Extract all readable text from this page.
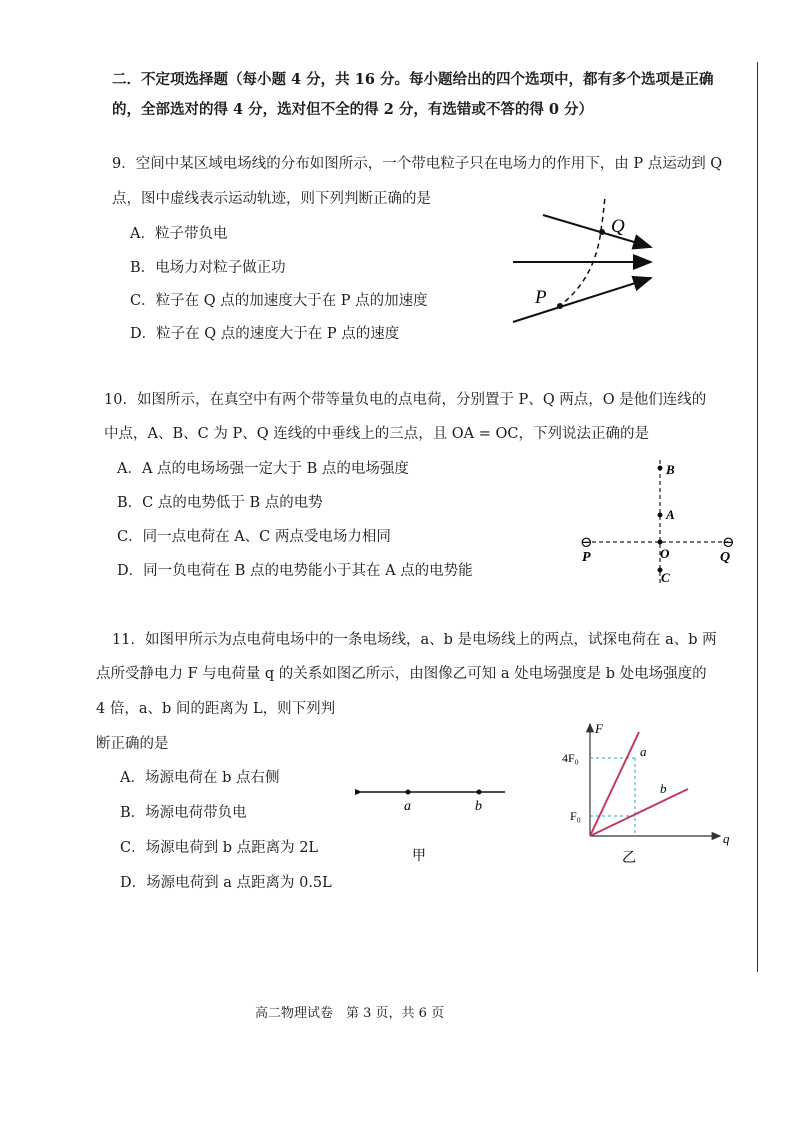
二．不定项选择题（每小题 4 分，共 16 分。每小题给出的四个选项中，都有多个选项是正确
的，全部选对的得 4 分，选对但不全的得 2 分，有选错或不答的得 0 分）
9．空间中某区域电场线的分布如图所示，一个带电粒子只在电场力的作用下，由 P 点运动到 Q
点，图中虚线表示运动轨迹，则下列判断正确的是
A．粒子带负电
B．电场力对粒子做正功
C．粒子在 Q 点的加速度大于在 P 点的加速度
D．粒子在 Q 点的速度大于在 P 点的速度
P
Q
10．如图所示，在真空中有两个带等量负电的点电荷，分别置于 P、Q 两点，O 是他们连线的
中点，A、B、C 为 P、Q 连线的中垂线上的三点，且 OA = OC，下列说法正确的是
A．A 点的电场场强一定大于 B 点的电场强度
B．C 点的电势低于 B 点的电势
C．同一点电荷在 A、C 两点受电场力相同
D．同一负电荷在 B 点的电势能小于其在 A 点的电势能
B
A
O
C
⊖	⊖
P	Q
11．如图甲所示为点电荷电场中的一条电场线，a、b 是电场线上的两点，试探电荷在 a、b 两
点所受静电力 F 与电荷量 q 的关系如图乙所示，由图像乙可知 a 处电场强度是 b 处电场强度的
4 倍，a、b 间的距离为 L，则下列判
断正确的是
A．场源电荷在 b 点右侧
B．场源电荷带负电
C．场源电荷到 b 点距离为 2L
D．场源电荷到 a 点距离为 0.5L
a	b
甲
F
q
4F₀
F₀
a
b
乙
高二物理试卷　第 3 页，共 6 页
